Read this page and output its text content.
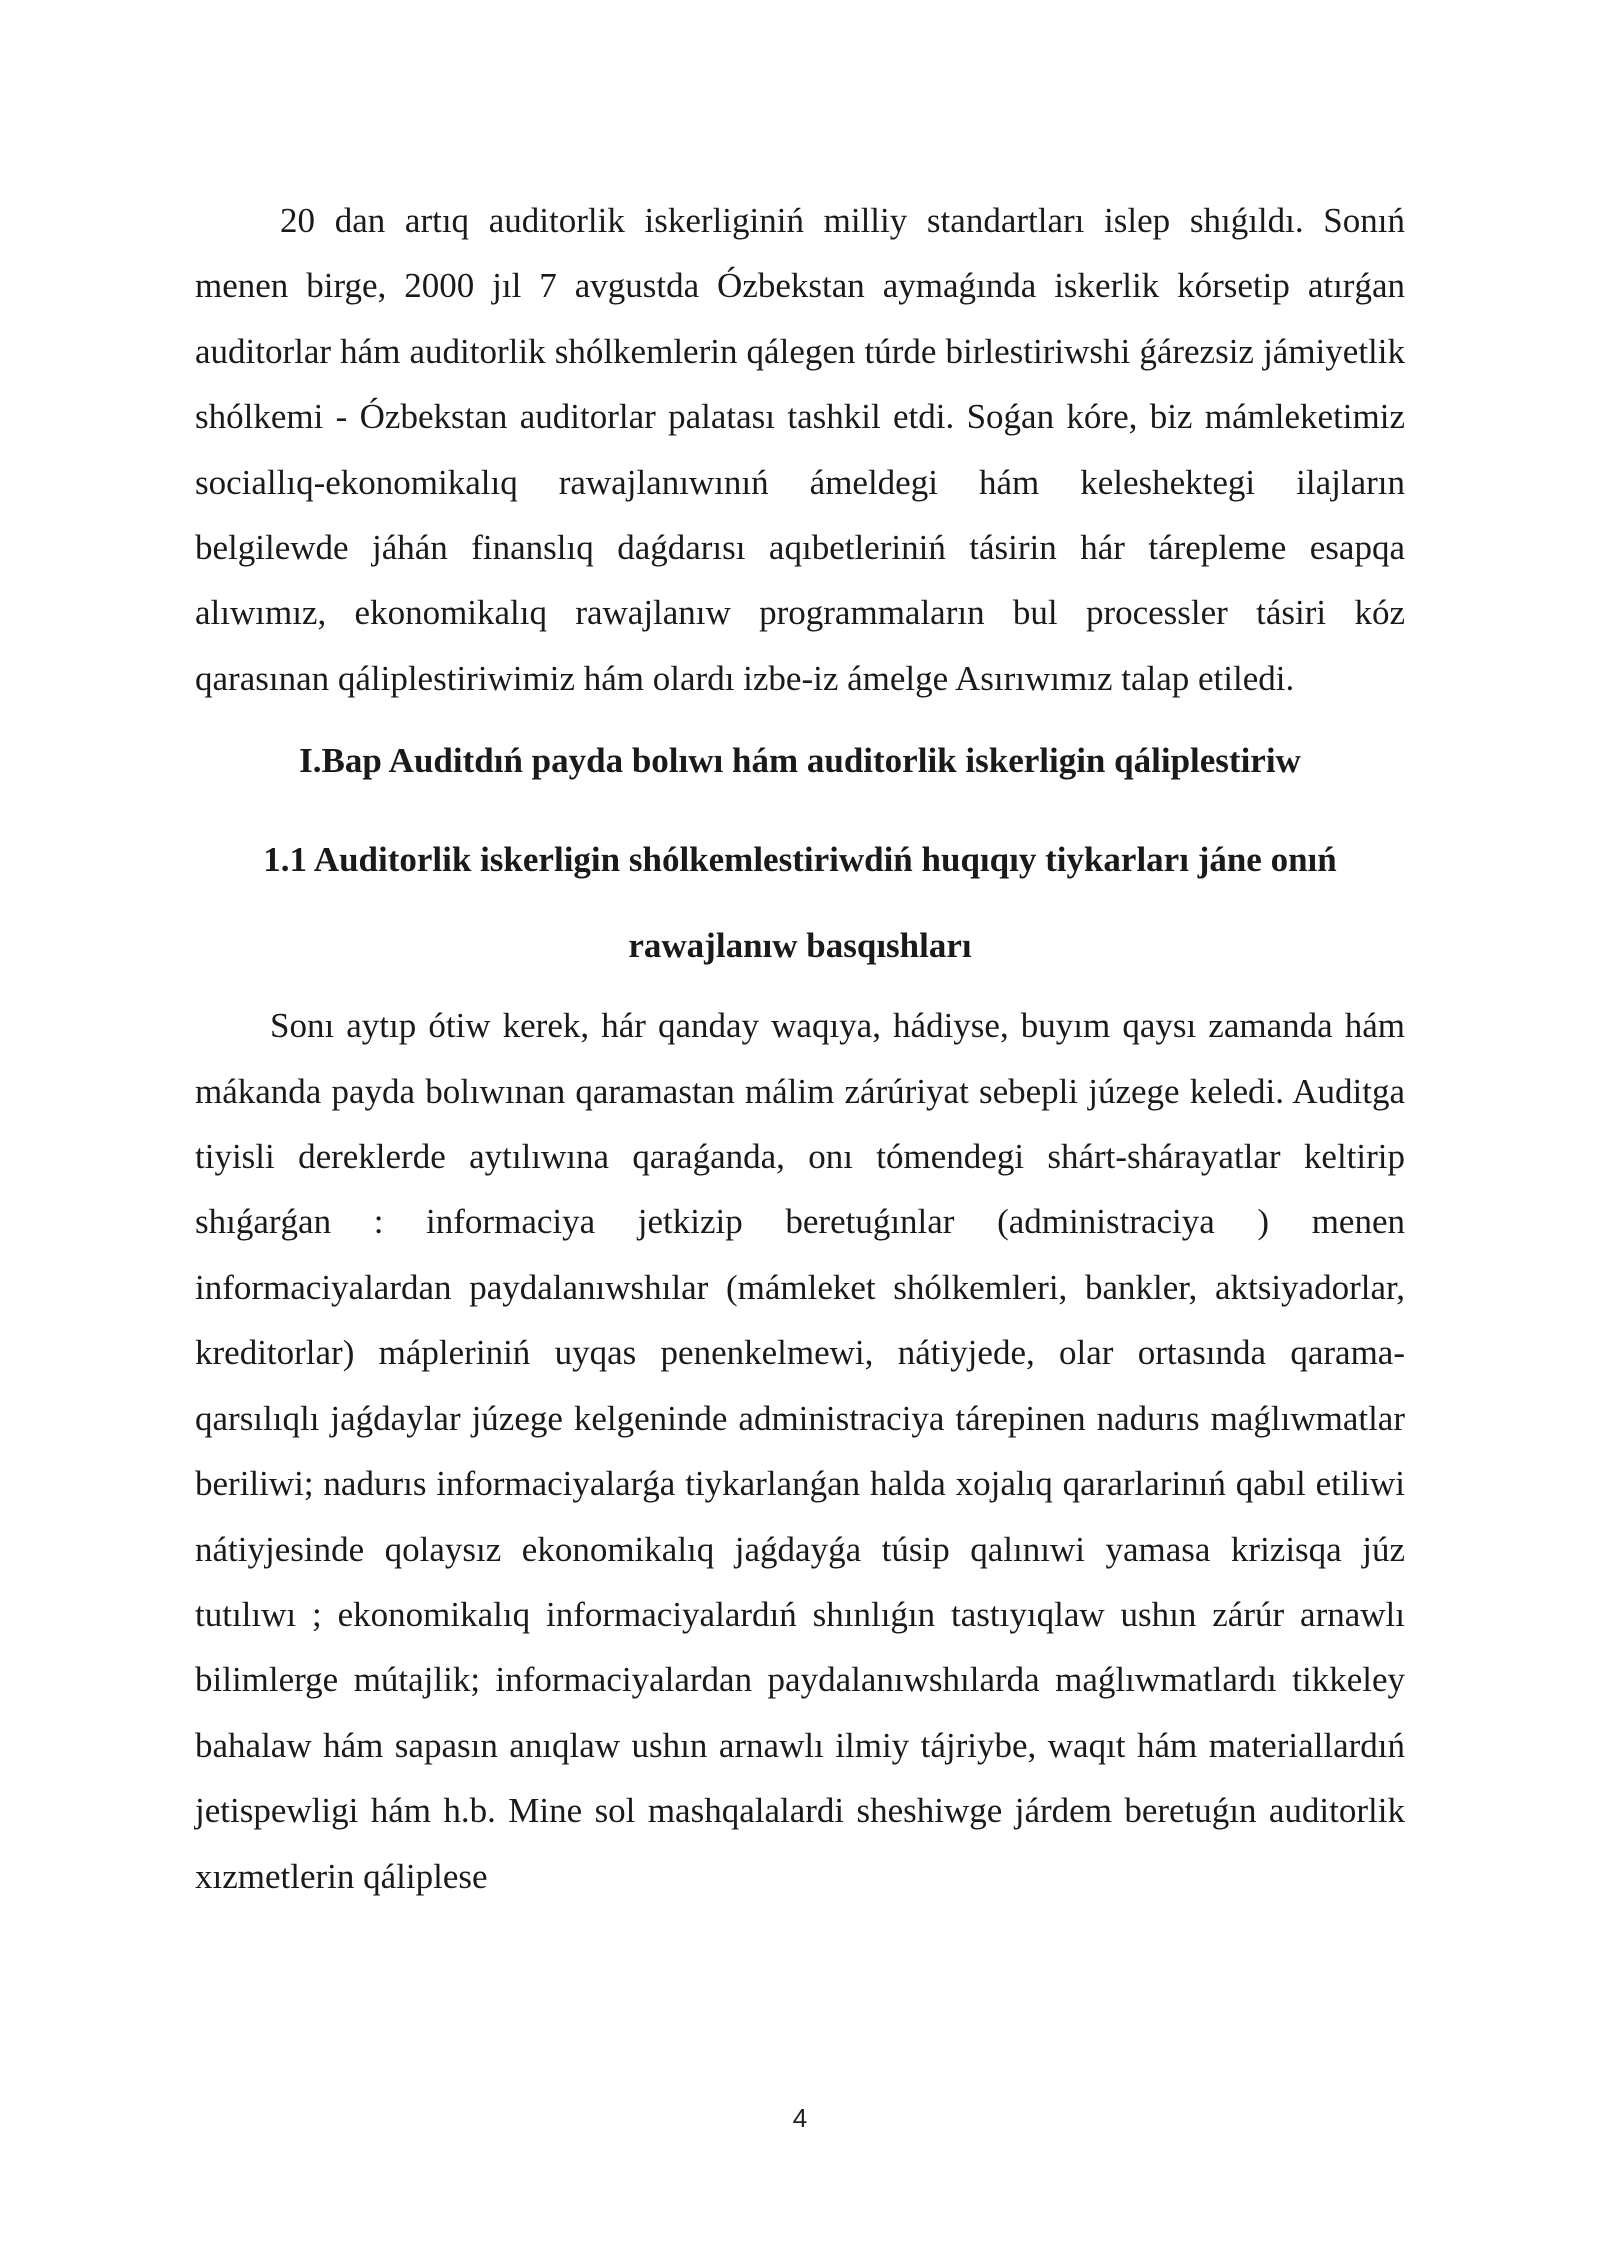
20 dan artıq auditorlik iskerliginiń milliy standartları islep shıǵıldı. Sonıń menen birge, 2000 jıl 7 avgustda Ózbekstan aymaǵında iskerlik kórsetip atırǵan auditorlar hám auditorlik shólkemlerin qálegen túrde birlestiriwshi ǵárezsiz jámiyetlik shólkemi - Ózbekstan auditorlar palatası tashkil etdi. Soǵan kóre, biz mámleketimiz sociallıq-ekonomikalıq rawajlanıwınıń ámeldegi hám keleshektegi ilajların belgilewde jáhán finanslıq daǵdarısı aqıbetleriniń tásirin hár tárepleme esapqa alıwımız, ekonomikalıq rawajlanıw programmaların bul processler tásiri kóz qarasınan qáliplestiriwimiz hám olardı izbe-iz ámelge Asırıwımız talap etiledi.

I.Bap Auditdıń payda bolıwı hám auditorlik iskerligin qáliplestiriw
1.1 Auditorlik iskerligin shólkemlestiriwdiń huqıqıy tiykarları jáne onıń rawajlanıw basqıshları

Sonı aytıp ótiw kerek, hár qanday waqıya, hádiyse, buyım qaysı zamanda hám mákanda payda bolıwınan qaramastan málim zárúriyat sebepli júzege keledi. Auditga tiyisli dereklerde aytılıwına qaraǵanda, onı tómendegi shárt-shárayatlar keltirip shıǵarǵan : informaciya jetkizip beretuǵınlar (administraciya ) menen informaciyalardan paydalanıwshılar (mámleket shólkemleri, bankler, aktsiyadorlar, kreditorlar) mápleriniń uyqas penenkelmewi, nátiyjede, olar ortasında qarama-qarsılıqlı jaǵdaylar júzege kelgeninde administraciya tárepinen nadurıs maǵlıwmatlar beriliwi; nadurıs informaciyalarǵa tiykarlanǵan halda xojalıq qararlarinıń qabıl etiliwi nátiyjesinde qolaysız ekonomikalıq jaǵdayǵa túsip qalınıwi yamasa krizisqa júz tutılıwı ; ekonomikalıq informaciyalardıń shınlıǵın tastıyıqlaw ushın zárúr arnawlı bilimlerge mútajlik; informaciyalardan paydalanıwshılarda maǵlıwmatlardı tikkeley bahalaw hám sapasın anıqlaw ushın arnawlı ilmiy tájriybe, waqıt hám materiallardıń jetispewligi hám h.b. Mine sol mashqalalardi sheshiwge járdem beretuǵın auditorlik xızmetlerin qáliplese

4
